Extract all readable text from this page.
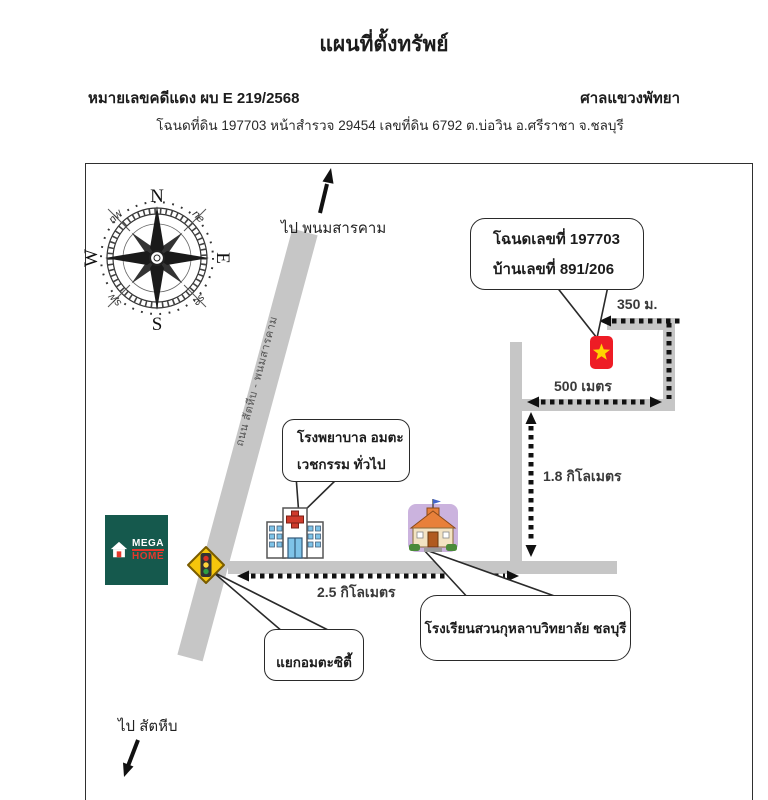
แผนที่ตั้งทรัพย์
หมายเลขคดีแดง ผบ E 219/2568	ศาลแขวงพัทยา
โฉนดที่ดิน 197703 หน้าสำรวจ 29454 เลขที่ดิน 6792 ต.บ่อวิน อ.ศรีราชา จ.ชลบุรี
N
S
E
W
ne
nw
se
sw
MEGA
HOME
ไป พนมสารคาม
ถนน สัตหีบ - พนมสารคาม
350 ม.
500 เมตร
1.8 กิโลเมตร
2.5 กิโลเมตร
ไป สัตหีบ
โฉนดเลขที่ 197703
บ้านเลขที่ 891/206
โรงพยาบาล อมตะ
เวชกรรม ทั่วไป
โรงเรียนสวนกุหลาบวิทยาลัย ชลบุรี
แยกอมตะซิตี้
